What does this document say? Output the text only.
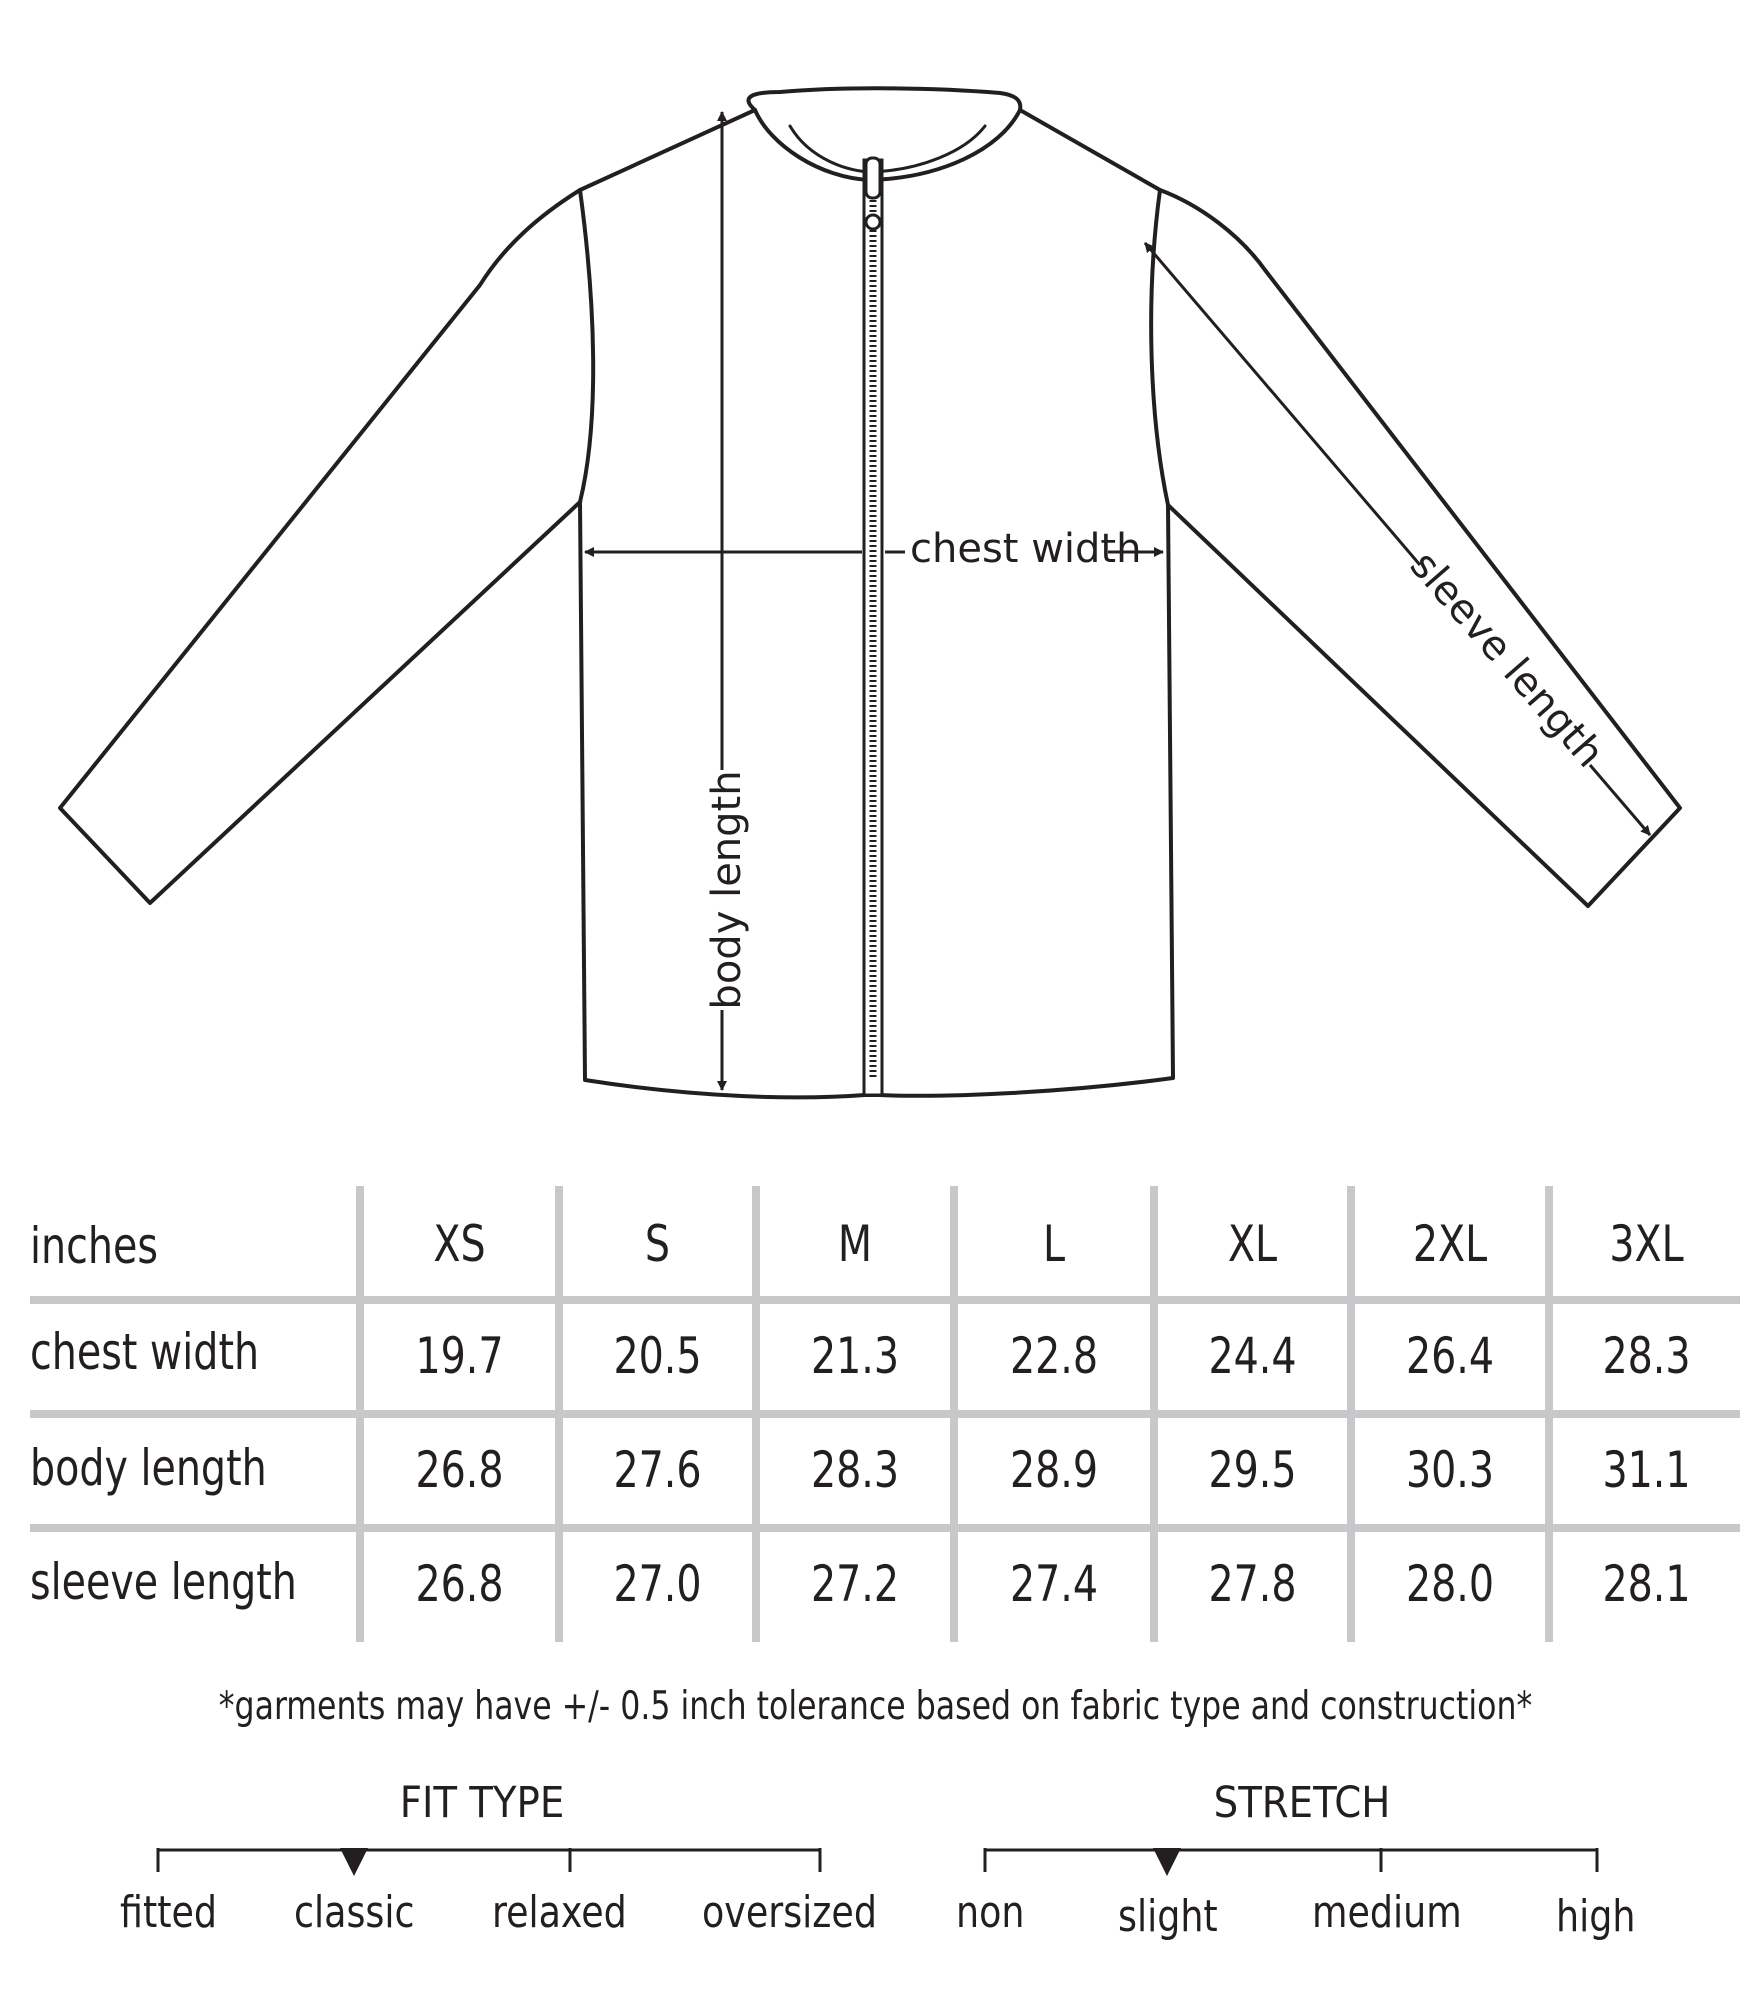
chest width
body length
sleeve length
inches	XS	S	M	L	XL	2XL	3XL
chest width	19.7	20.5	21.3	22.8	24.4	26.4	28.3
body length	26.8	27.6	28.3	28.9	29.5	30.3	31.1
sleeve length	26.8	27.0	27.2	27.4	27.8	28.0	28.1
*garments may have +/- 0.5 inch tolerance based on fabric type and construction*
FIT TYPE
fitted classic relaxed oversized
STRETCH
non slight medium high
